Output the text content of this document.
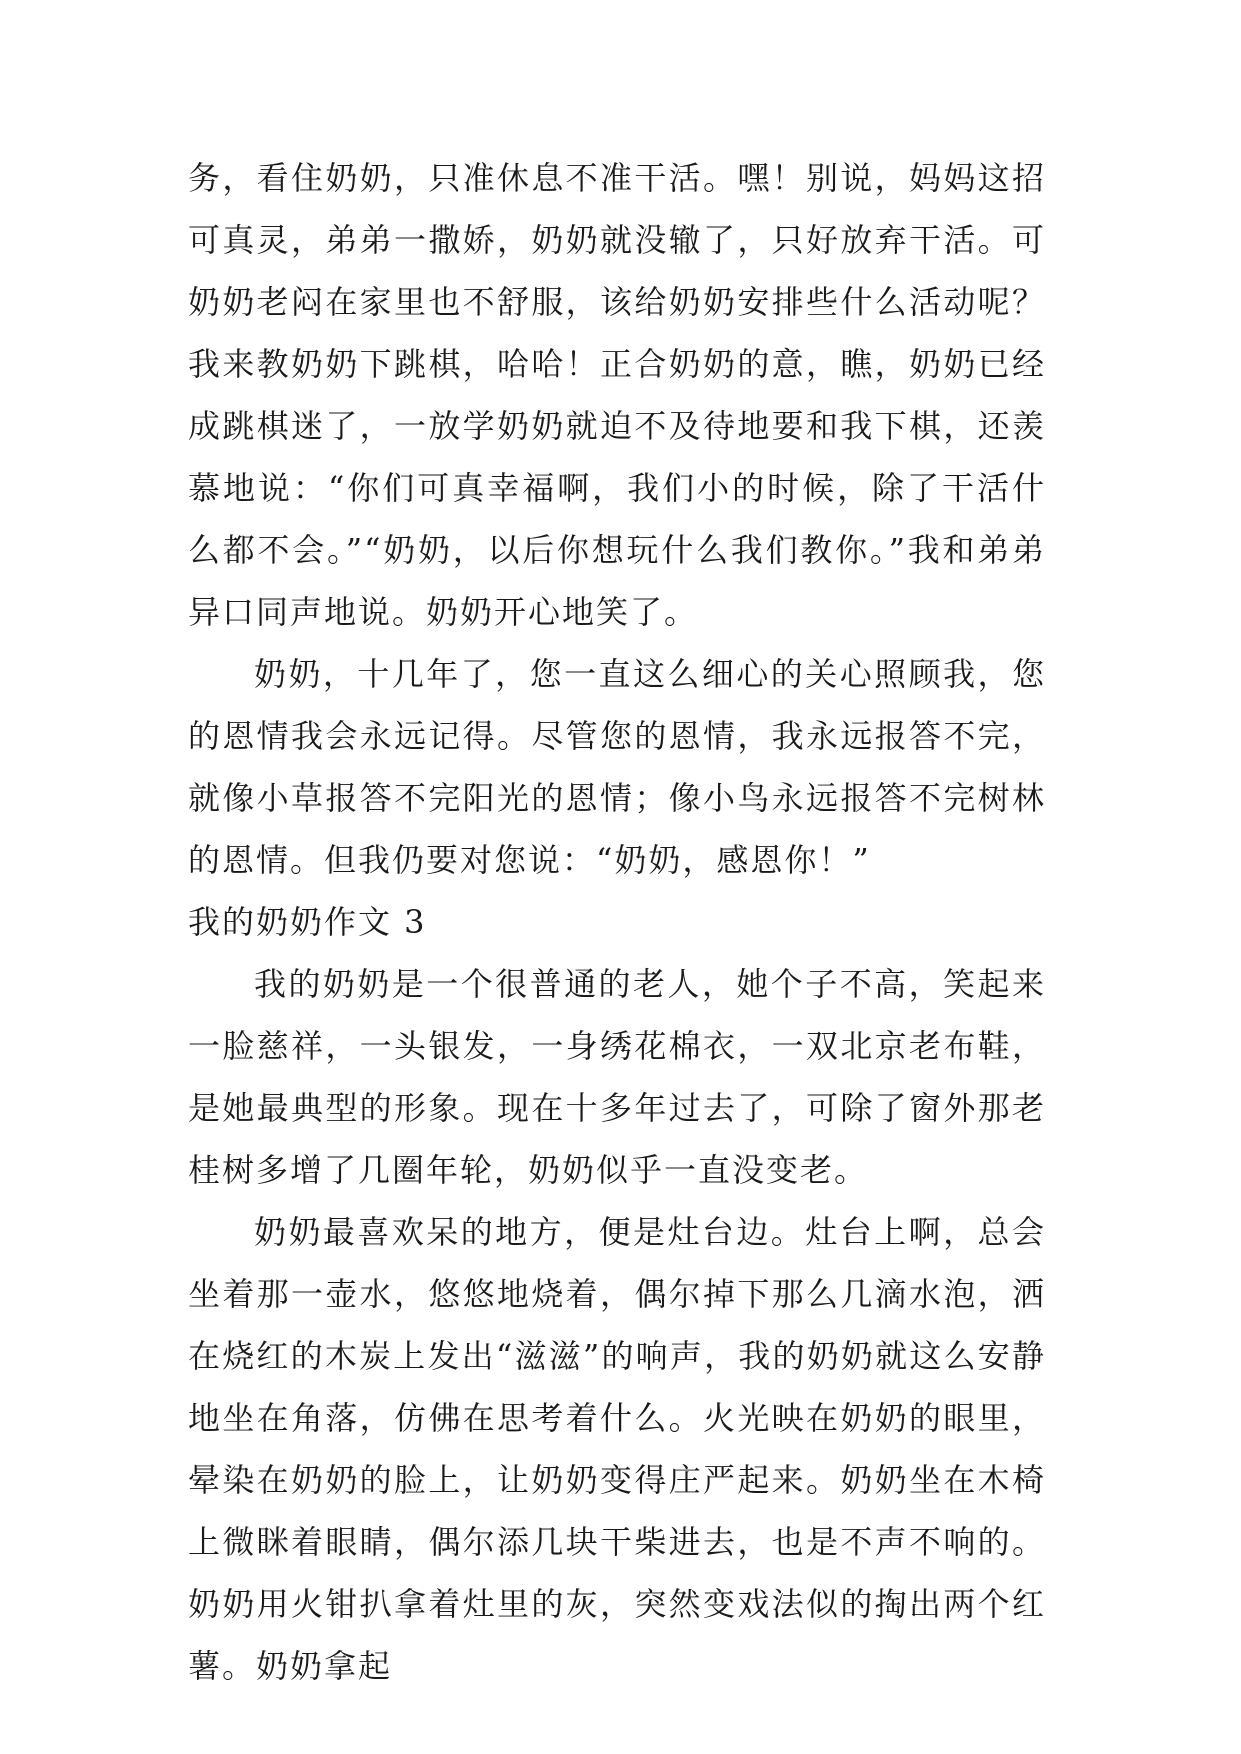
务，看住奶奶，只准休息不准干活。嘿！别说，妈妈这招可真灵，弟弟一撒娇，奶奶就没辙了，只好放弃干活。可奶奶老闷在家里也不舒服，该给奶奶安排些什么活动呢？我来教奶奶下跳棋，哈哈！正合奶奶的意，瞧，奶奶已经成跳棋迷了，一放学奶奶就迫不及待地要和我下棋，还羡慕地说：“你们可真幸福啊，我们小的时候，除了干活什么都不会。”“奶奶，以后你想玩什么我们教你。”我和弟弟异口同声地说。奶奶开心地笑了。

奶奶，十几年了，您一直这么细心的关心照顾我，您的恩情我会永远记得。尽管您的恩情，我永远报答不完，就像小草报答不完阳光的恩情；像小鸟永远报答不完树林的恩情。但我仍要对您说：“奶奶，感恩你！”

我的奶奶作文 3

我的奶奶是一个很普通的老人，她个子不高，笑起来一脸慈祥，一头银发，一身绣花棉衣，一双北京老布鞋，是她最典型的形象。现在十多年过去了，可除了窗外那老桂树多增了几圈年轮，奶奶似乎一直没变老。

奶奶最喜欢呆的地方，便是灶台边。灶台上啊，总会坐着那一壶水，悠悠地烧着，偶尔掉下那么几滴水泡，洒在烧红的木炭上发出“滋滋”的响声，我的奶奶就这么安静地坐在角落，仿佛在思考着什么。火光映在奶奶的眼里，晕染在奶奶的脸上，让奶奶变得庄严起来。奶奶坐在木椅上微眯着眼睛，偶尔添几块干柴进去，也是不声不响的。奶奶用火钳扒拿着灶里的灰，突然变戏法似的掏出两个红薯。奶奶拿起
